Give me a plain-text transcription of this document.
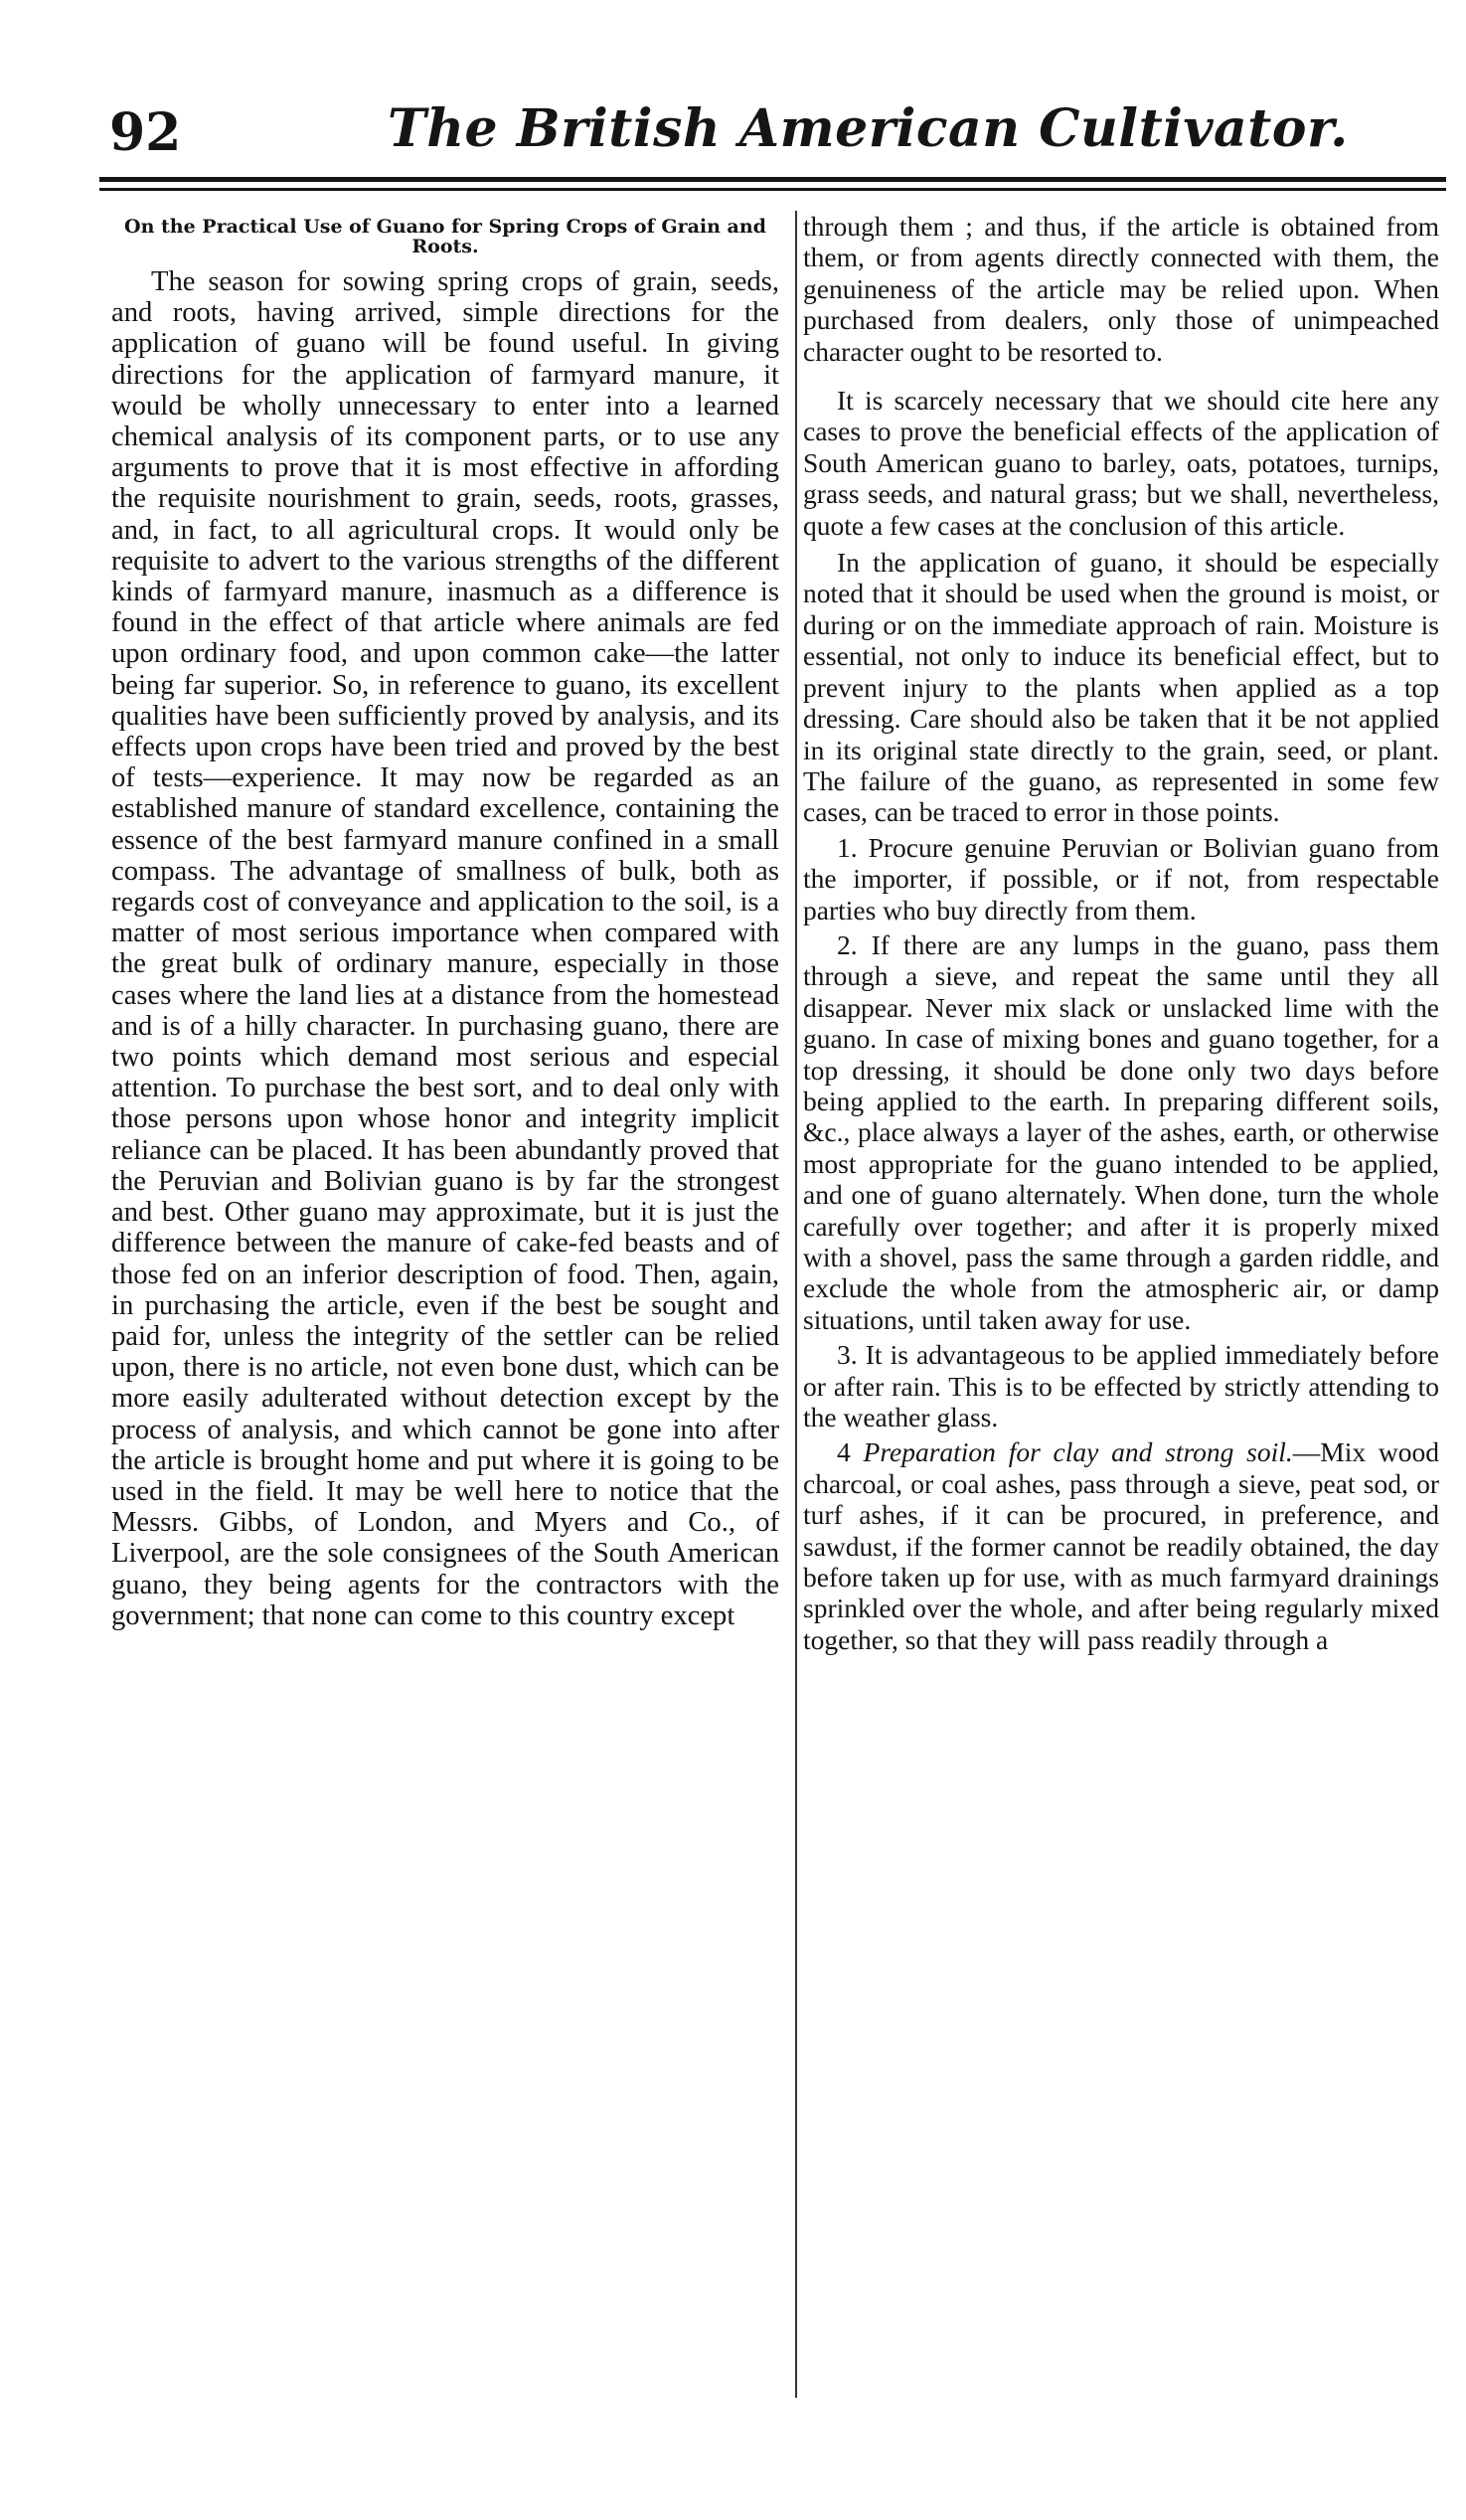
92	The British American Cultivator.
On the Practical Use of Guano for Spring Crops of Grain and Roots.

The season for sowing spring crops of grain, seeds, and roots, having arrived, simple directions for the application of guano will be found useful. In giving directions for the application of farmyard manure, it would be wholly unnecessary to enter into a learned chemical analysis of its component parts, or to use any arguments to prove that it is most effective in affording the requisite nourishment to grain, seeds, roots, grasses, and, in fact, to all agricultural crops. It would only be requisite to advert to the various strengths of the different kinds of farmyard manure, inasmuch as a difference is found in the effect of that article where animals are fed upon ordinary food, and upon common cake—the latter being far superior. So, in reference to guano, its excellent qualities have been sufficiently proved by analysis, and its effects upon crops have been tried and proved by the best of tests—experience. It may now be regarded as an established manure of standard excellence, containing the essence of the best farmyard manure confined in a small compass. The advantage of smallness of bulk, both as regards cost of conveyance and application to the soil, is a matter of most serious importance when compared with the great bulk of ordinary manure, especially in those cases where the land lies at a distance from the homestead and is of a hilly character. In purchasing guano, there are two points which demand most serious and especial attention. To purchase the best sort, and to deal only with those persons upon whose honor and integrity implicit reliance can be placed. It has been abundantly proved that the Peruvian and Bolivian guano is by far the strongest and best. Other guano may approximate, but it is just the difference between the manure of cake-fed beasts and of those fed on an inferior description of food. Then, again, in purchasing the article, even if the best be sought and paid for, unless the integrity of the settler can be relied upon, there is no article, not even bone dust, which can be more easily adulterated without detection except by the process of analysis, and which cannot be gone into after the article is brought home and put where it is going to be used in the field. It may be well here to notice that the Messrs. Gibbs, of London, and Myers and Co., of Liverpool, are the sole consignees of the South American guano, they being agents for the contractors with the government; that none can come to this country except

through them ; and thus, if the article is obtained from them, or from agents directly connected with them, the genuineness of the article may be relied upon. When purchased from dealers, only those of unimpeached character ought to be resorted to.

It is scarcely necessary that we should cite here any cases to prove the beneficial effects of the application of South American guano to barley, oats, potatoes, turnips, grass seeds, and natural grass; but we shall, nevertheless, quote a few cases at the conclusion of this article.

In the application of guano, it should be especially noted that it should be used when the ground is moist, or during or on the immediate approach of rain. Moisture is essential, not only to induce its beneficial effect, but to prevent injury to the plants when applied as a top dressing. Care should also be taken that it be not applied in its original state directly to the grain, seed, or plant. The failure of the guano, as represented in some few cases, can be traced to error in those points.

1. Procure genuine Peruvian or Bolivian guano from the importer, if possible, or if not, from respectable parties who buy directly from them.

2. If there are any lumps in the guano, pass them through a sieve, and repeat the same until they all disappear. Never mix slack or unslacked lime with the guano. In case of mixing bones and guano together, for a top dressing, it should be done only two days before being applied to the earth. In preparing different soils, &c., place always a layer of the ashes, earth, or otherwise most appropriate for the guano intended to be applied, and one of guano alternately. When done, turn the whole carefully over together; and after it is properly mixed with a shovel, pass the same through a garden riddle, and exclude the whole from the atmospheric air, or damp situations, until taken away for use.

3. It is advantageous to be applied immediately before or after rain. This is to be effected by strictly attending to the weather glass.

4 Preparation for clay and strong soil.—Mix wood charcoal, or coal ashes, pass through a sieve, peat sod, or turf ashes, if it can be procured, in preference, and sawdust, if the former cannot be readily obtained, the day before taken up for use, with as much farmyard drainings sprinkled over the whole, and after being regularly mixed together, so that they will pass readily through a
